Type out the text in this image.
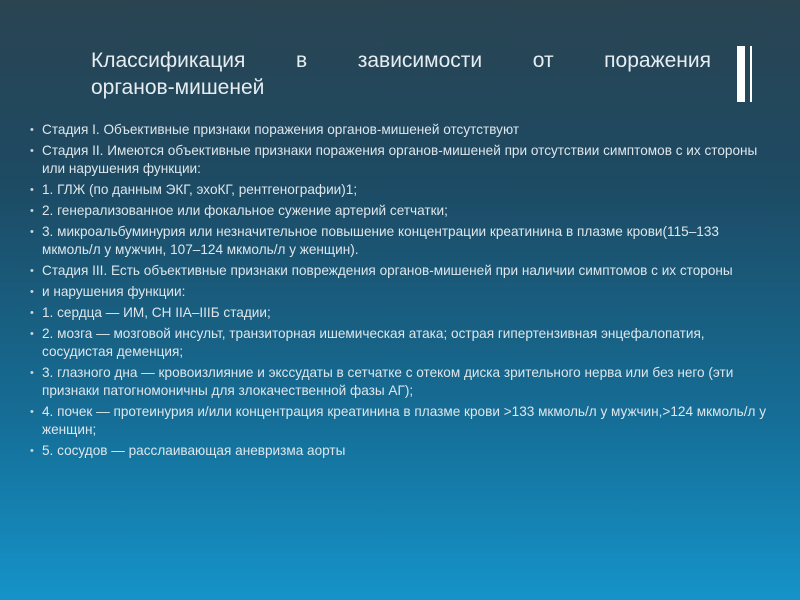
Классификация в зависимости от поражения
органов-мишеней
• Стадия I. Объективные признаки поражения органов-мишеней отсутствуют
• Стадия II. Имеются объективные признаки поражения органов-мишеней при отсутствии симптомов с их стороны или нарушения функции:
• 1. ГЛЖ (по данным ЭКГ, эхоКГ, рентгенографии)1;
• 2. генерализованное или фокальное сужение артерий сетчатки;
• 3. микроальбуминурия или незначительное повышение концентрации креатинина в плазме крови(115–133 мкмоль/л у мужчин, 107–124 мкмоль/л у женщин).
• Стадия III. Есть объективные признаки повреждения органов-мишеней при наличии симптомов с их стороны
• и нарушения функции:
• 1. сердца — ИМ, СН IIA–IIIБ стадии;
• 2. мозга — мозговой инсульт, транзиторная ишемическая атака; острая гипертензивная энцефалопатия, сосудистая деменция;
• 3. глазного дна — кровоизлияние и экссудаты в сетчатке с отеком диска зрительного нерва или без него (эти признаки патогномоничны для злокачественной фазы АГ);
• 4. почек — протеинурия и/или концентрация креатинина в плазме крови >133 мкмоль/л у мужчин,>124 мкмоль/л у женщин;
• 5. сосудов — расслаивающая аневризма аорты
